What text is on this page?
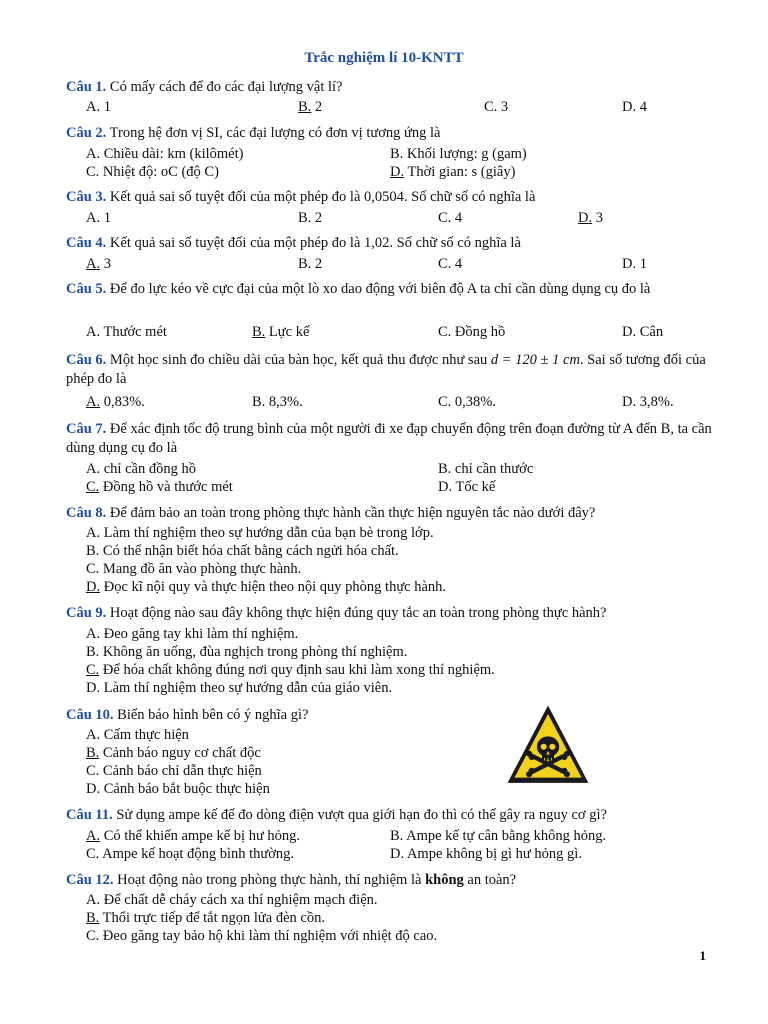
Trắc nghiệm lí 10-KNTT
Câu 1. Có mấy cách để đo các đại lượng vật lí?
A. 1	B. 2	C. 3	D. 4
Câu 2. Trong hệ đơn vị SI, các đại lượng có đơn vị tương ứng là
A. Chiều dài: km (kilômét)	B. Khối lượng: g (gam)
C. Nhiệt độ: oC (độ C)	D. Thời gian: s (giây)
Câu 3. Kết quả sai số tuyệt đối của một phép đo là 0,0504. Số chữ số có nghĩa là
A. 1	B. 2	C. 4	D. 3
Câu 4. Kết quả sai số tuyệt đối của một phép đo là 1,02. Số chữ số có nghĩa là
A. 3	B. 2	C. 4	D. 1
Câu 5. Để đo lực kéo về cực đại của một lò xo dao động với biên độ A ta chỉ cần dùng dụng cụ đo là
A. Thước mét	B. Lực kế	C. Đồng hồ	D. Cân
Câu 6. Một học sinh đo chiều dài của bàn học, kết quả thu được như sau d = 120 ± 1 cm. Sai số tương đối của phép đo là
A. 0,83%.	B. 8,3%.	C. 0,38%.	D. 3,8%.
Câu 7. Để xác định tốc độ trung bình của một người đi xe đạp chuyển động trên đoạn đường từ A đến B, ta cần dùng dụng cụ đo là
A. chỉ cần đồng hồ	B. chỉ cần thước
C. Đồng hồ và thước mét	D. Tốc kế
Câu 8. Để đảm bảo an toàn trong phòng thực hành cần thực hiện nguyên tắc nào dưới đây?
A. Làm thí nghiệm theo sự hướng dẫn của bạn bè trong lớp.
B. Có thể nhận biết hóa chất bằng cách ngửi hóa chất.
C. Mang đồ ăn vào phòng thực hành.
D. Đọc kĩ nội quy và thực hiện theo nội quy phòng thực hành.
Câu 9. Hoạt động nào sau đây không thực hiện đúng quy tắc an toàn trong phòng thực hành?
A. Đeo găng tay khi làm thí nghiệm.
B. Không ăn uống, đùa nghịch trong phòng thí nghiệm.
C. Để hóa chất không đúng nơi quy định sau khi làm xong thí nghiệm.
D. Làm thí nghiệm theo sự hướng dẫn của giáo viên.
Câu 10. Biển báo hình bên có ý nghĩa gì?
A. Cấm thực hiện
B. Cảnh báo nguy cơ chất độc
C. Cảnh báo chỉ dẫn thực hiện
D. Cảnh báo bắt buộc thực hiện
Câu 11. Sử dụng ampe kế để đo dòng điện vượt qua giới hạn đo thì có thể gây ra nguy cơ gì?
A. Có thể khiến ampe kế bị hư hỏng.	B. Ampe kế tự cân bằng không hỏng.
C. Ampe kế hoạt động bình thường.	D. Ampe không bị gì hư hỏng gì.
Câu 12. Hoạt động nào trong phòng thực hành, thí nghiệm là không an toàn?
A. Để chất dễ cháy cách xa thí nghiệm mạch điện.
B. Thổi trực tiếp để tắt ngọn lửa đèn cồn.
C. Đeo găng tay bảo hộ khi làm thí nghiệm với nhiệt độ cao.
1
